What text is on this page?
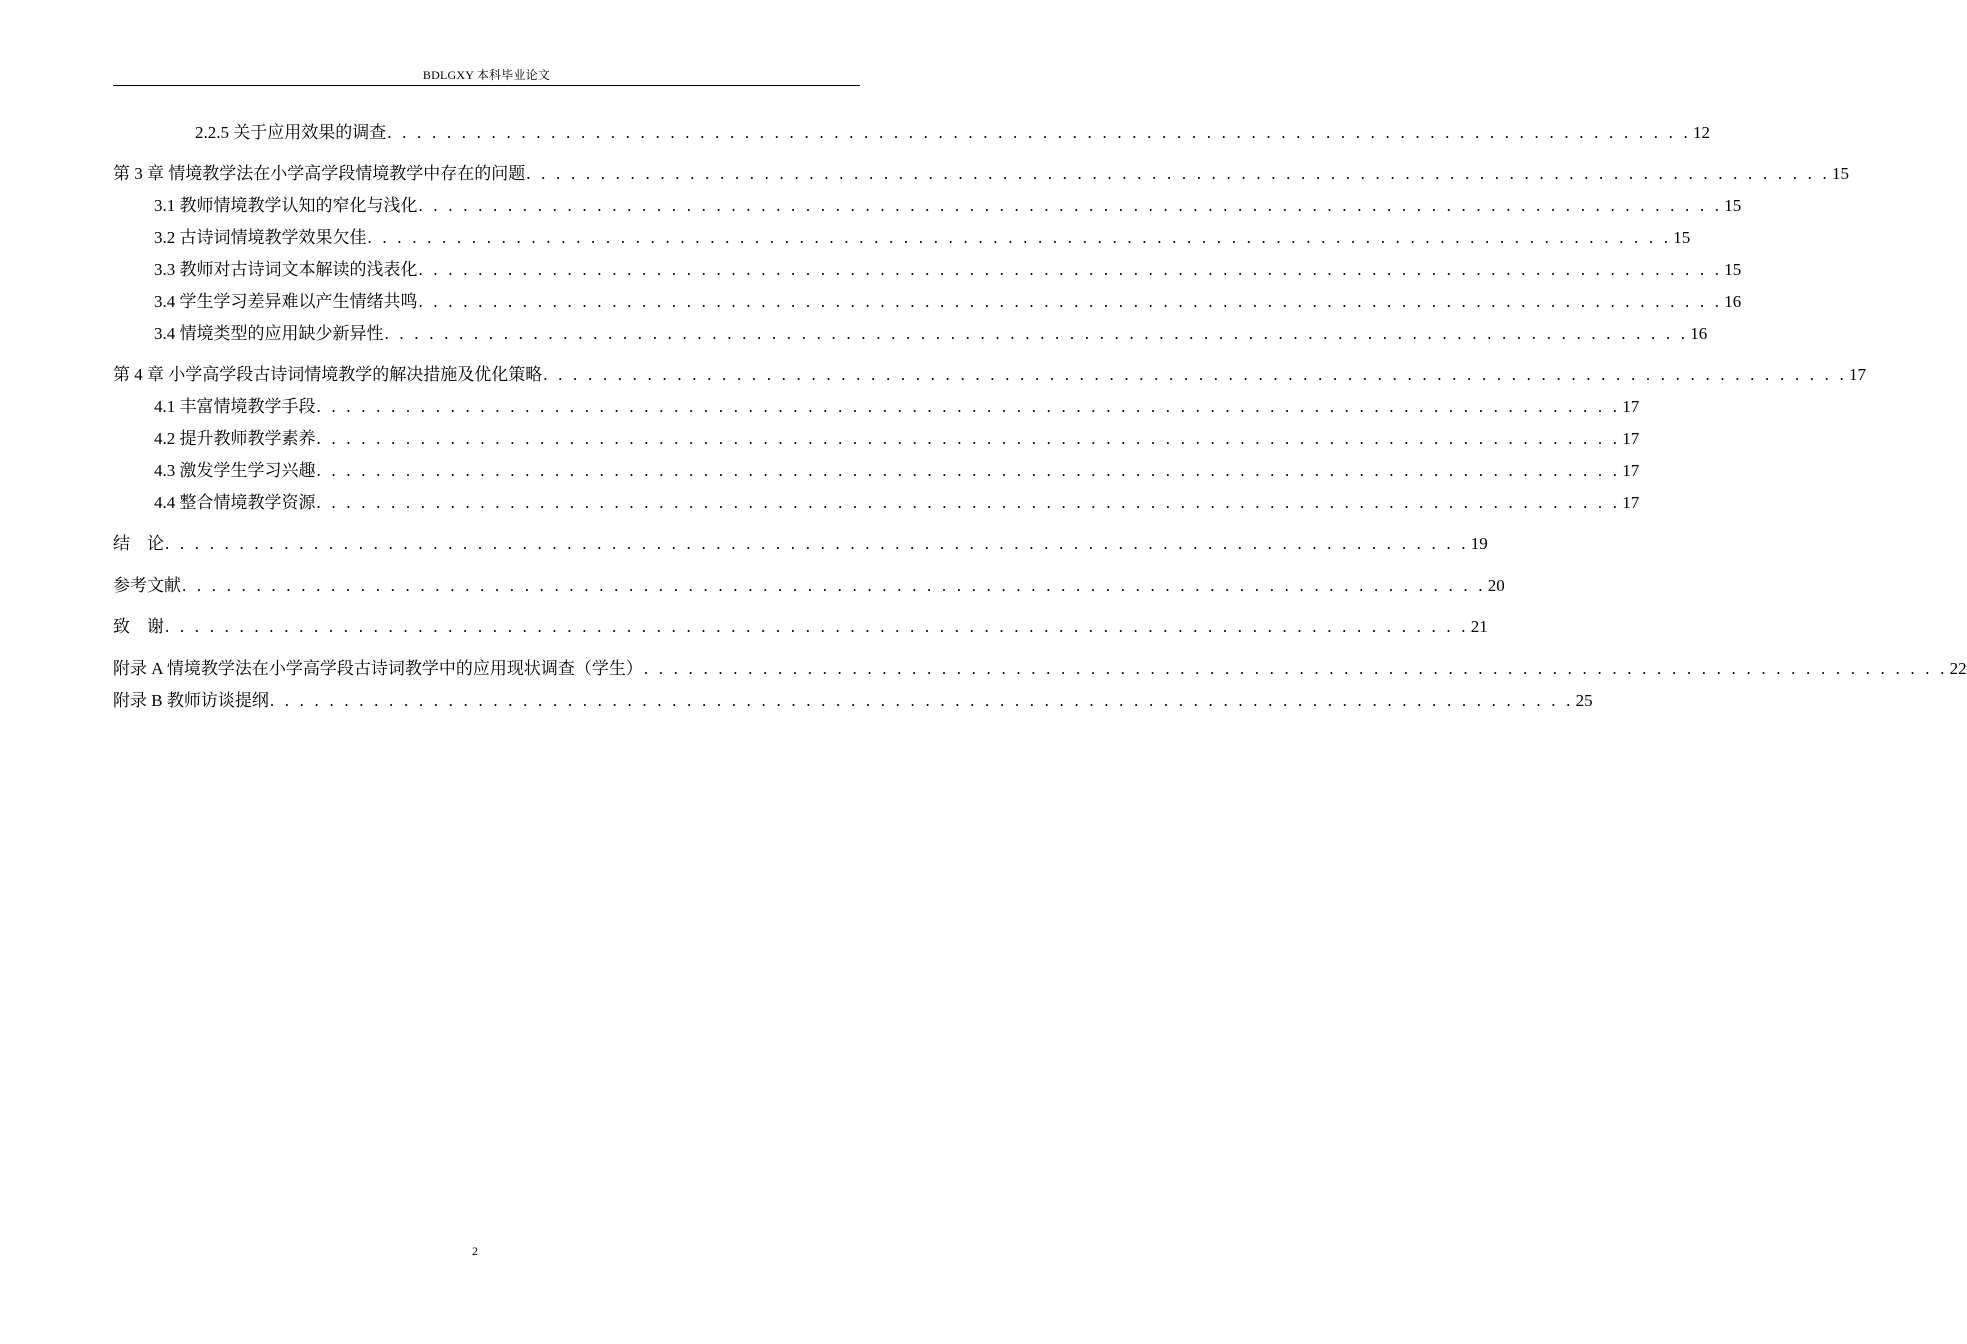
BDLGXY 本科毕业论文
2.2.5 关于应用效果的调查 . . . . . . . . . . . . . . . . . . . . . . . . . . . . . . . . . . . . . . . . . . . . . . . . . . . . . . . . . . . . . . . . . . . . . . . . . . . . . . . . . . . . . . . . 12
第 3 章 情境教学法在小学高学段情境教学中存在的问题 . . . . . . . . . . . . . . . . . . . . . . . . . . . . . . . . . . . . . . . . . . . . . . . . . . . . . . . . . . . . . . . . . . . . . . . . . . . . . . . . . . . . . . . . 15
3.1 教师情境教学认知的窄化与浅化 . . . . . . . . . . . . . . . . . . . . . . . . . . . . . . . . . . . . . . . . . . . . . . . . . . . . . . . . . . . . . . . . . . . . . . . . . . . . . . . . . . . . . . . . 15
3.2 古诗词情境教学效果欠佳 . . . . . . . . . . . . . . . . . . . . . . . . . . . . . . . . . . . . . . . . . . . . . . . . . . . . . . . . . . . . . . . . . . . . . . . . . . . . . . . . . . . . . . . . 15
3.3 教师对古诗词文本解读的浅表化 . . . . . . . . . . . . . . . . . . . . . . . . . . . . . . . . . . . . . . . . . . . . . . . . . . . . . . . . . . . . . . . . . . . . . . . . . . . . . . . . . . . . . . . . 15
3.4 学生学习差异难以产生情绪共鸣 . . . . . . . . . . . . . . . . . . . . . . . . . . . . . . . . . . . . . . . . . . . . . . . . . . . . . . . . . . . . . . . . . . . . . . . . . . . . . . . . . . . . . . . . 16
3.4 情境类型的应用缺少新异性 . . . . . . . . . . . . . . . . . . . . . . . . . . . . . . . . . . . . . . . . . . . . . . . . . . . . . . . . . . . . . . . . . . . . . . . . . . . . . . . . . . . . . . . . 16
第 4 章 小学高学段古诗词情境教学的解决措施及优化策略 . . . . . . . . . . . . . . . . . . . . . . . . . . . . . . . . . . . . . . . . . . . . . . . . . . . . . . . . . . . . . . . . . . . . . . . . . . . . . . . . . . . . . . . . 17
4.1 丰富情境教学手段 . . . . . . . . . . . . . . . . . . . . . . . . . . . . . . . . . . . . . . . . . . . . . . . . . . . . . . . . . . . . . . . . . . . . . . . . . . . . . . . . . . . . . . . . 17
4.2 提升教师教学素养 . . . . . . . . . . . . . . . . . . . . . . . . . . . . . . . . . . . . . . . . . . . . . . . . . . . . . . . . . . . . . . . . . . . . . . . . . . . . . . . . . . . . . . . . 17
4.3 激发学生学习兴趣 . . . . . . . . . . . . . . . . . . . . . . . . . . . . . . . . . . . . . . . . . . . . . . . . . . . . . . . . . . . . . . . . . . . . . . . . . . . . . . . . . . . . . . . . 17
4.4 整合情境教学资源 . . . . . . . . . . . . . . . . . . . . . . . . . . . . . . . . . . . . . . . . . . . . . . . . . . . . . . . . . . . . . . . . . . . . . . . . . . . . . . . . . . . . . . . . 17
结　论 . . . . . . . . . . . . . . . . . . . . . . . . . . . . . . . . . . . . . . . . . . . . . . . . . . . . . . . . . . . . . . . . . . . . . . . . . . . . . . . . . . . . . . . . 19
参考文献 . . . . . . . . . . . . . . . . . . . . . . . . . . . . . . . . . . . . . . . . . . . . . . . . . . . . . . . . . . . . . . . . . . . . . . . . . . . . . . . . . . . . . . . . 20
致　谢 . . . . . . . . . . . . . . . . . . . . . . . . . . . . . . . . . . . . . . . . . . . . . . . . . . . . . . . . . . . . . . . . . . . . . . . . . . . . . . . . . . . . . . . . 21
附录 A 情境教学法在小学高学段古诗词教学中的应用现状调查（学生） . . . . . . . . . . . . . . . . . . . . . . . . . . . . . . . . . . . . . . . . . . . . . . . . . . . . . . . . . . . . . . . . . . . . . . . . . . . . . . . . . . . . . . . . 22
附录 B 教师访谈提纲 . . . . . . . . . . . . . . . . . . . . . . . . . . . . . . . . . . . . . . . . . . . . . . . . . . . . . . . . . . . . . . . . . . . . . . . . . . . . . . . . . . . . . . . . 25
2
